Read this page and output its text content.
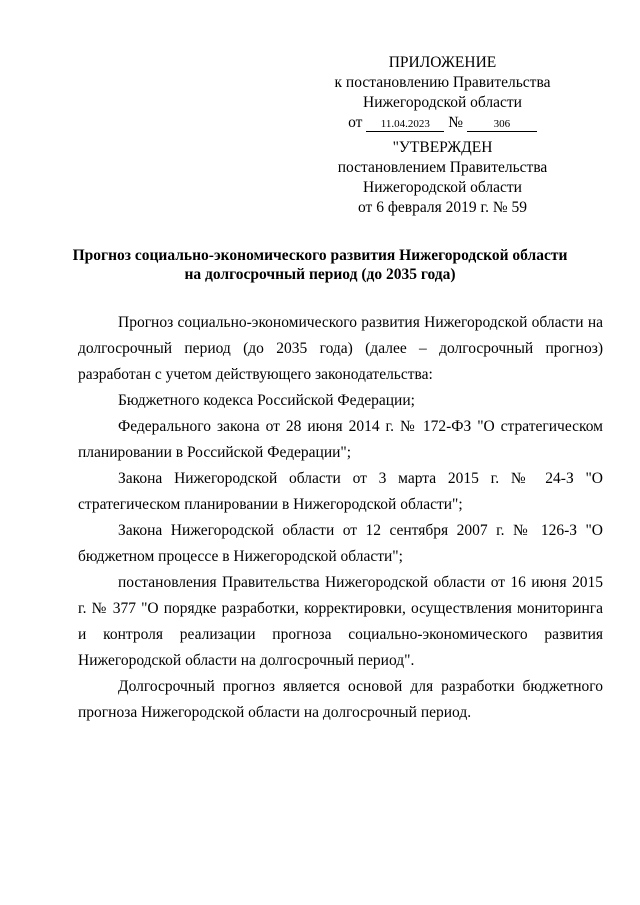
ПРИЛОЖЕНИЕ
к постановлению Правительства
Нижегородской области
от 11.04.2023 №	306
"УТВЕРЖДЕН
постановлением Правительства
Нижегородской области
от 6 февраля 2019 г. № 59
Прогноз социально-экономического развития Нижегородской области
на долгосрочный период (до 2035 года)

Прогноз социально-экономического развития Нижегородской области на долгосрочный период (до 2035 года) (далее – долгосрочный прогноз) разработан с учетом действующего законодательства:

Бюджетного кодекса Российской Федерации;

Федерального закона от 28 июня 2014 г. № 172-ФЗ "О стратегическом планировании в Российской Федерации";

Закона Нижегородской области от 3 марта 2015 г. № 24-З "О стратегическом планировании в Нижегородской области";

Закона Нижегородской области от 12 сентября 2007 г. № 126-З "О бюджетном процессе в Нижегородской области";

постановления Правительства Нижегородской области от 16 июня 2015 г. № 377 "О порядке разработки, корректировки, осуществления мониторинга и контроля реализации прогноза социально-экономического развития Нижегородской области на долгосрочный период".

Долгосрочный прогноз является основой для разработки бюджетного прогноза Нижегородской области на долгосрочный период.
